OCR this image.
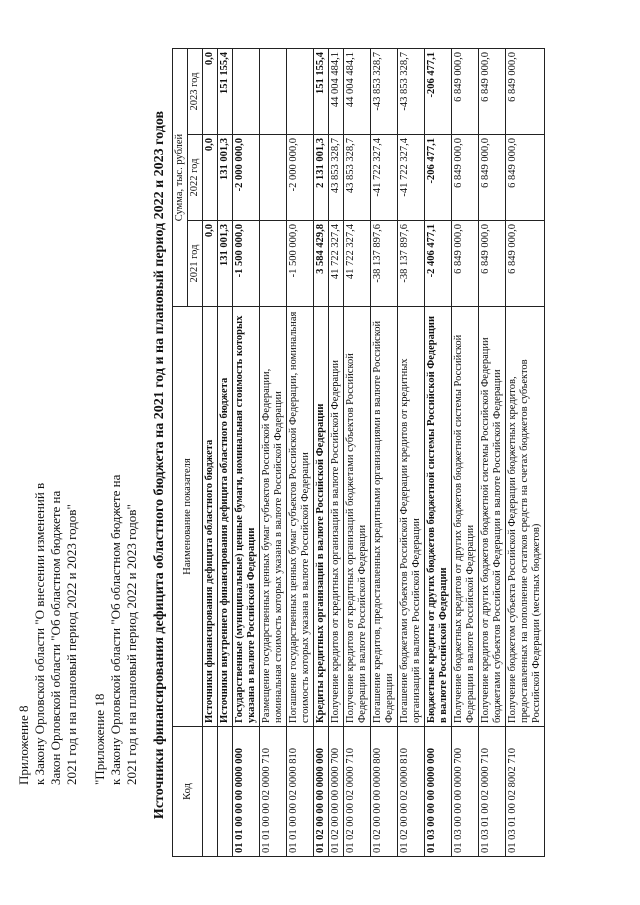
Приложение 8 к Закону Орловской области "О внесении изменений в Закон Орловской области "Об областном бюджете на 2021 год и на плановый период 2022 и 2023 годов" "Приложение 18 к Закону Орловской области "Об областном бюджете на 2021 год и на плановый период 2022 и 2023 годов" Источники финансирования дефицита областного бюджета на 2021 год и на плановый период 2022 и 2023 годов Код	Наименование показателя	Сумма, тыс. рублей		
		2021 год	2022 год	2023 год
	Источники финансирования дефицита областного бюджета	0,0	0,0	0,0
	Источники внутреннего финансирования дефицита областного бюджета	131 001,3	131 001,3	151 155,4
01 01 00 00 00 0000 000	Государственные (муниципальные) ценные бумаги, номинальная стоимость которых указана в валюте Российской Федерации	-1 500 000,0	-2 000 000,0	
01 01 00 00 02 0000 710	Размещение государственных ценных бумаг субъектов Российской Федерации, номинальная стоимость которых указана в валюте Российской Федерации			
01 01 00 00 02 0000 810	Погашение государственных ценных бумаг субъектов Российской Федерации, номинальная стоимость которых указана в валюте Российской Федерации	-1 500 000,0	-2 000 000,0	
01 02 00 00 00 0000 000	Кредиты кредитных организаций в валюте Российской Федерации	3 584 429,8	2 131 001,3	151 155,4
01 02 00 00 00 0000 700	Получение кредитов от кредитных организаций в валюте Российской Федерации	41 722 327,4	43 853 328,7	44 004 484,1
01 02 00 00 02 0000 710	Получение кредитов от кредитных организаций бюджетами субъектов Российской Федерации в валюте Российской Федерации	41 722 327,4	43 853 328,7	44 004 484,1
01 02 00 00 00 0000 800	Погашение кредитов, предоставленных кредитными организациями в валюте Российской Федерации	-38 137 897,6	-41 722 327,4	-43 853 328,7
01 02 00 00 02 0000 810	Погашение бюджетами субъектов Российской Федерации кредитов от кредитных организаций в валюте Российской Федерации	-38 137 897,6	-41 722 327,4	-43 853 328,7
01 03 00 00 00 0000 000	Бюджетные кредиты от других бюджетов бюджетной системы Российской Федерации в валюте Российской Федерации	-2 406 477,1	-206 477,1	-206 477,1
01 03 00 00 00 0000 700	Получение бюджетных кредитов от других бюджетов бюджетной системы Российской Федерации в валюте Российской Федерации	6 849 000,0	6 849 000,0	6 849 000,0
01 03 01 00 02 0000 710	Получение кредитов от других бюджетов бюджетной системы Российской Федерации бюджетами субъектов Российской Федерации в валюте Российской Федерации	6 849 000,0	6 849 000,0	6 849 000,0
01 03 01 00 02 8002 710	Получение бюджетом субъекта Российской Федерации бюджетных кредитов, предоставленных на пополнение остатков средств на счетах бюджетов субъектов Российской Федерации (местных бюджетов)	6 849 000,0	6 849 000,0	6 849 000,0
